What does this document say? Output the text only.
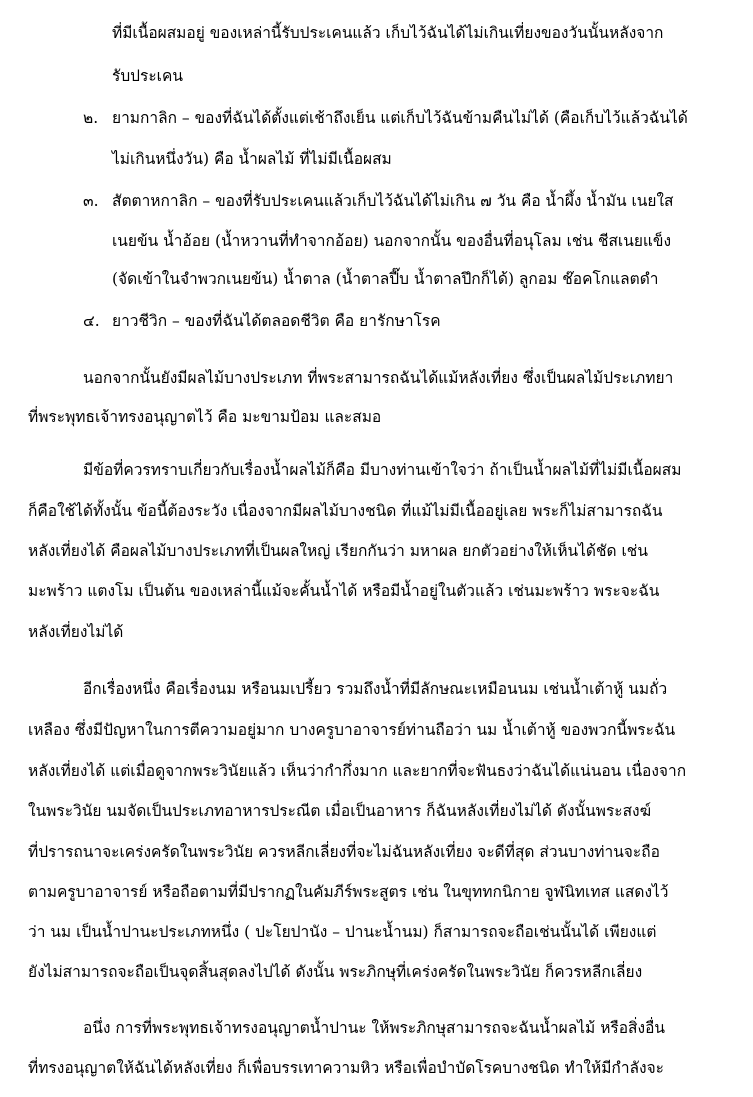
ที่มีเนื้อผสมอยู่ ของเหล่านี้รับประเคนแล้ว เก็บไว้ฉันได้ไม่เกินเที่ยงของวันนั้นหลังจาก
รับประเคน
๒. ยามกาลิก – ของที่ฉันได้ตั้งแต่เช้าถึงเย็น แต่เก็บไว้ฉันข้ามคืนไม่ได้ (คือเก็บไว้แล้วฉันได้
ไม่เกินหนึ่งวัน) คือ น้ำผลไม้ ที่ไม่มีเนื้อผสม
๓. สัตตาหกาลิก – ของที่รับประเคนแล้วเก็บไว้ฉันได้ไม่เกิน ๗ วัน คือ น้ำผึ้ง น้ำมัน เนยใส
เนยข้น น้ำอ้อย (น้ำหวานที่ทำจากอ้อย) นอกจากนั้น ของอื่นที่อนุโลม เช่น ชีสเนยแข็ง
(จัดเข้าในจำพวกเนยข้น) น้ำตาล (น้ำตาลปี๊บ น้ำตาลปึกก็ได้) ลูกอม ช๊อคโกแลตดำ
๔. ยาวชีวิก – ของที่ฉันได้ตลอดชีวิต คือ ยารักษาโรค
นอกจากนั้นยังมีผลไม้บางประเภท ที่พระสามารถฉันได้แม้หลังเที่ยง ซึ่งเป็นผลไม้ประเภทยา
ที่พระพุทธเจ้าทรงอนุญาตไว้ คือ มะขามป้อม และสมอ
มีข้อที่ควรทราบเกี่ยวกับเรื่องน้ำผลไม้ก็คือ มีบางท่านเข้าใจว่า ถ้าเป็นน้ำผลไม้ที่ไม่มีเนื้อผสม
ก็คือใช้ได้ทั้งนั้น ข้อนี้ต้องระวัง เนื่องจากมีผลไม้บางชนิด ที่แม้ไม่มีเนื้ออยู่เลย พระก็ไม่สามารถฉัน
หลังเที่ยงได้ คือผลไม้บางประเภทที่เป็นผลใหญ่ เรียกกันว่า มหาผล ยกตัวอย่างให้เห็นได้ชัด เช่น
มะพร้าว แตงโม เป็นต้น ของเหล่านี้แม้จะคั้นน้ำได้ หรือมีน้ำอยู่ในตัวแล้ว เช่นมะพร้าว พระจะฉัน
หลังเที่ยงไม่ได้
อีกเรื่องหนึ่ง คือเรื่องนม หรือนมเปรี้ยว รวมถึงน้ำที่มีลักษณะเหมือนนม เช่นน้ำเต้าหู้ นมถั่ว
เหลือง ซึ่งมีปัญหาในการตีความอยู่มาก บางครูบาอาจารย์ท่านถือว่า นม น้ำเต้าหู้ ของพวกนี้พระฉัน
หลังเที่ยงได้ แต่เมื่อดูจากพระวินัยแล้ว เห็นว่ากำกึ่งมาก และยากที่จะฟันธงว่าฉันได้แน่นอน เนื่องจาก
ในพระวินัย นมจัดเป็นประเภทอาหารประณีต เมื่อเป็นอาหาร ก็ฉันหลังเที่ยงไม่ได้ ดังนั้นพระสงฆ์
ที่ปรารถนาจะเคร่งครัดในพระวินัย ควรหลีกเลี่ยงที่จะไม่ฉันหลังเที่ยง จะดีที่สุด ส่วนบางท่านจะถือ
ตามครูบาอาจารย์ หรือถือตามที่มีปรากฏในคัมภีร์พระสูตร เช่น ในขุททกนิกาย จูฬนิทเทส แสดงไว้
ว่า นม เป็นน้ำปานะประเภทหนึ่ง ( ปะโยปานัง – ปานะน้ำนม) ก็สามารถจะถือเช่นนั้นได้ เพียงแต่
ยังไม่สามารถจะถือเป็นจุดสิ้นสุดลงไปได้ ดังนั้น พระภิกษุที่เคร่งครัดในพระวินัย ก็ควรหลีกเลี่ยง
อนึ่ง การที่พระพุทธเจ้าทรงอนุญาตน้ำปานะ ให้พระภิกษุสามารถจะฉันน้ำผลไม้ หรือสิ่งอื่น
ที่ทรงอนุญาตให้ฉันได้หลังเที่ยง ก็เพื่อบรรเทาความหิว หรือเพื่อบำบัดโรคบางชนิด ทำให้มีกำลังจะ
